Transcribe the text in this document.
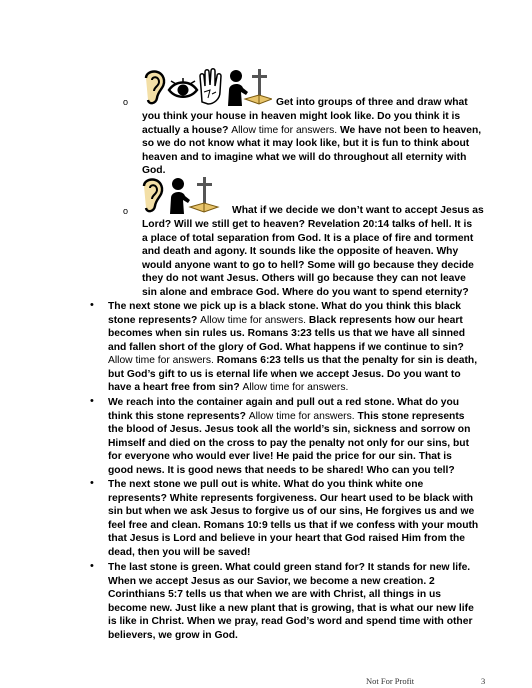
o	Get into groups of three and draw what
you think your house in heaven might look like. Do you think it is
actually a house? Allow time for answers. We have not been to heaven,
so we do not know what it may look like, but it is fun to think about
heaven and to imagine what we will do throughout all eternity with
God.
o	What if we decide we don’t want to accept Jesus as
Lord? Will we still get to heaven? Revelation 20:14 talks of hell. It is
a place of total separation from God. It is a place of fire and torment
and death and agony. It sounds like the opposite of heaven. Why
would anyone want to go to hell? Some will go because they decide
they do not want Jesus. Others will go because they can not leave
sin alone and embrace God. Where do you want to spend eternity?
• The next stone we pick up is a black stone. What do you think this black
stone represents? Allow time for answers. Black represents how our heart
becomes when sin rules us. Romans 3:23 tells us that we have all sinned
and fallen short of the glory of God. What happens if we continue to sin?
Allow time for answers. Romans 6:23 tells us that the penalty for sin is death,
but God’s gift to us is eternal life when we accept Jesus. Do you want to
have a heart free from sin? Allow time for answers.
• We reach into the container again and pull out a red stone. What do you
think this stone represents? Allow time for answers. This stone represents
the blood of Jesus. Jesus took all the world’s sin, sickness and sorrow on
Himself and died on the cross to pay the penalty not only for our sins, but
for everyone who would ever live! He paid the price for our sin. That is
good news. It is good news that needs to be shared! Who can you tell?
• The next stone we pull out is white. What do you think white one
represents? White represents forgiveness. Our heart used to be black with
sin but when we ask Jesus to forgive us of our sins, He forgives us and we
feel free and clean. Romans 10:9 tells us that if we confess with your mouth
that Jesus is Lord and believe in your heart that God raised Him from the
dead, then you will be saved!
• The last stone is green. What could green stand for? It stands for new life.
When we accept Jesus as our Savior, we become a new creation. 2
Corinthians 5:7 tells us that when we are with Christ, all things in us
become new. Just like a new plant that is growing, that is what our new life
is like in Christ. When we pray, read God’s word and spend time with other
believers, we grow in God.
Not For Profit	3
